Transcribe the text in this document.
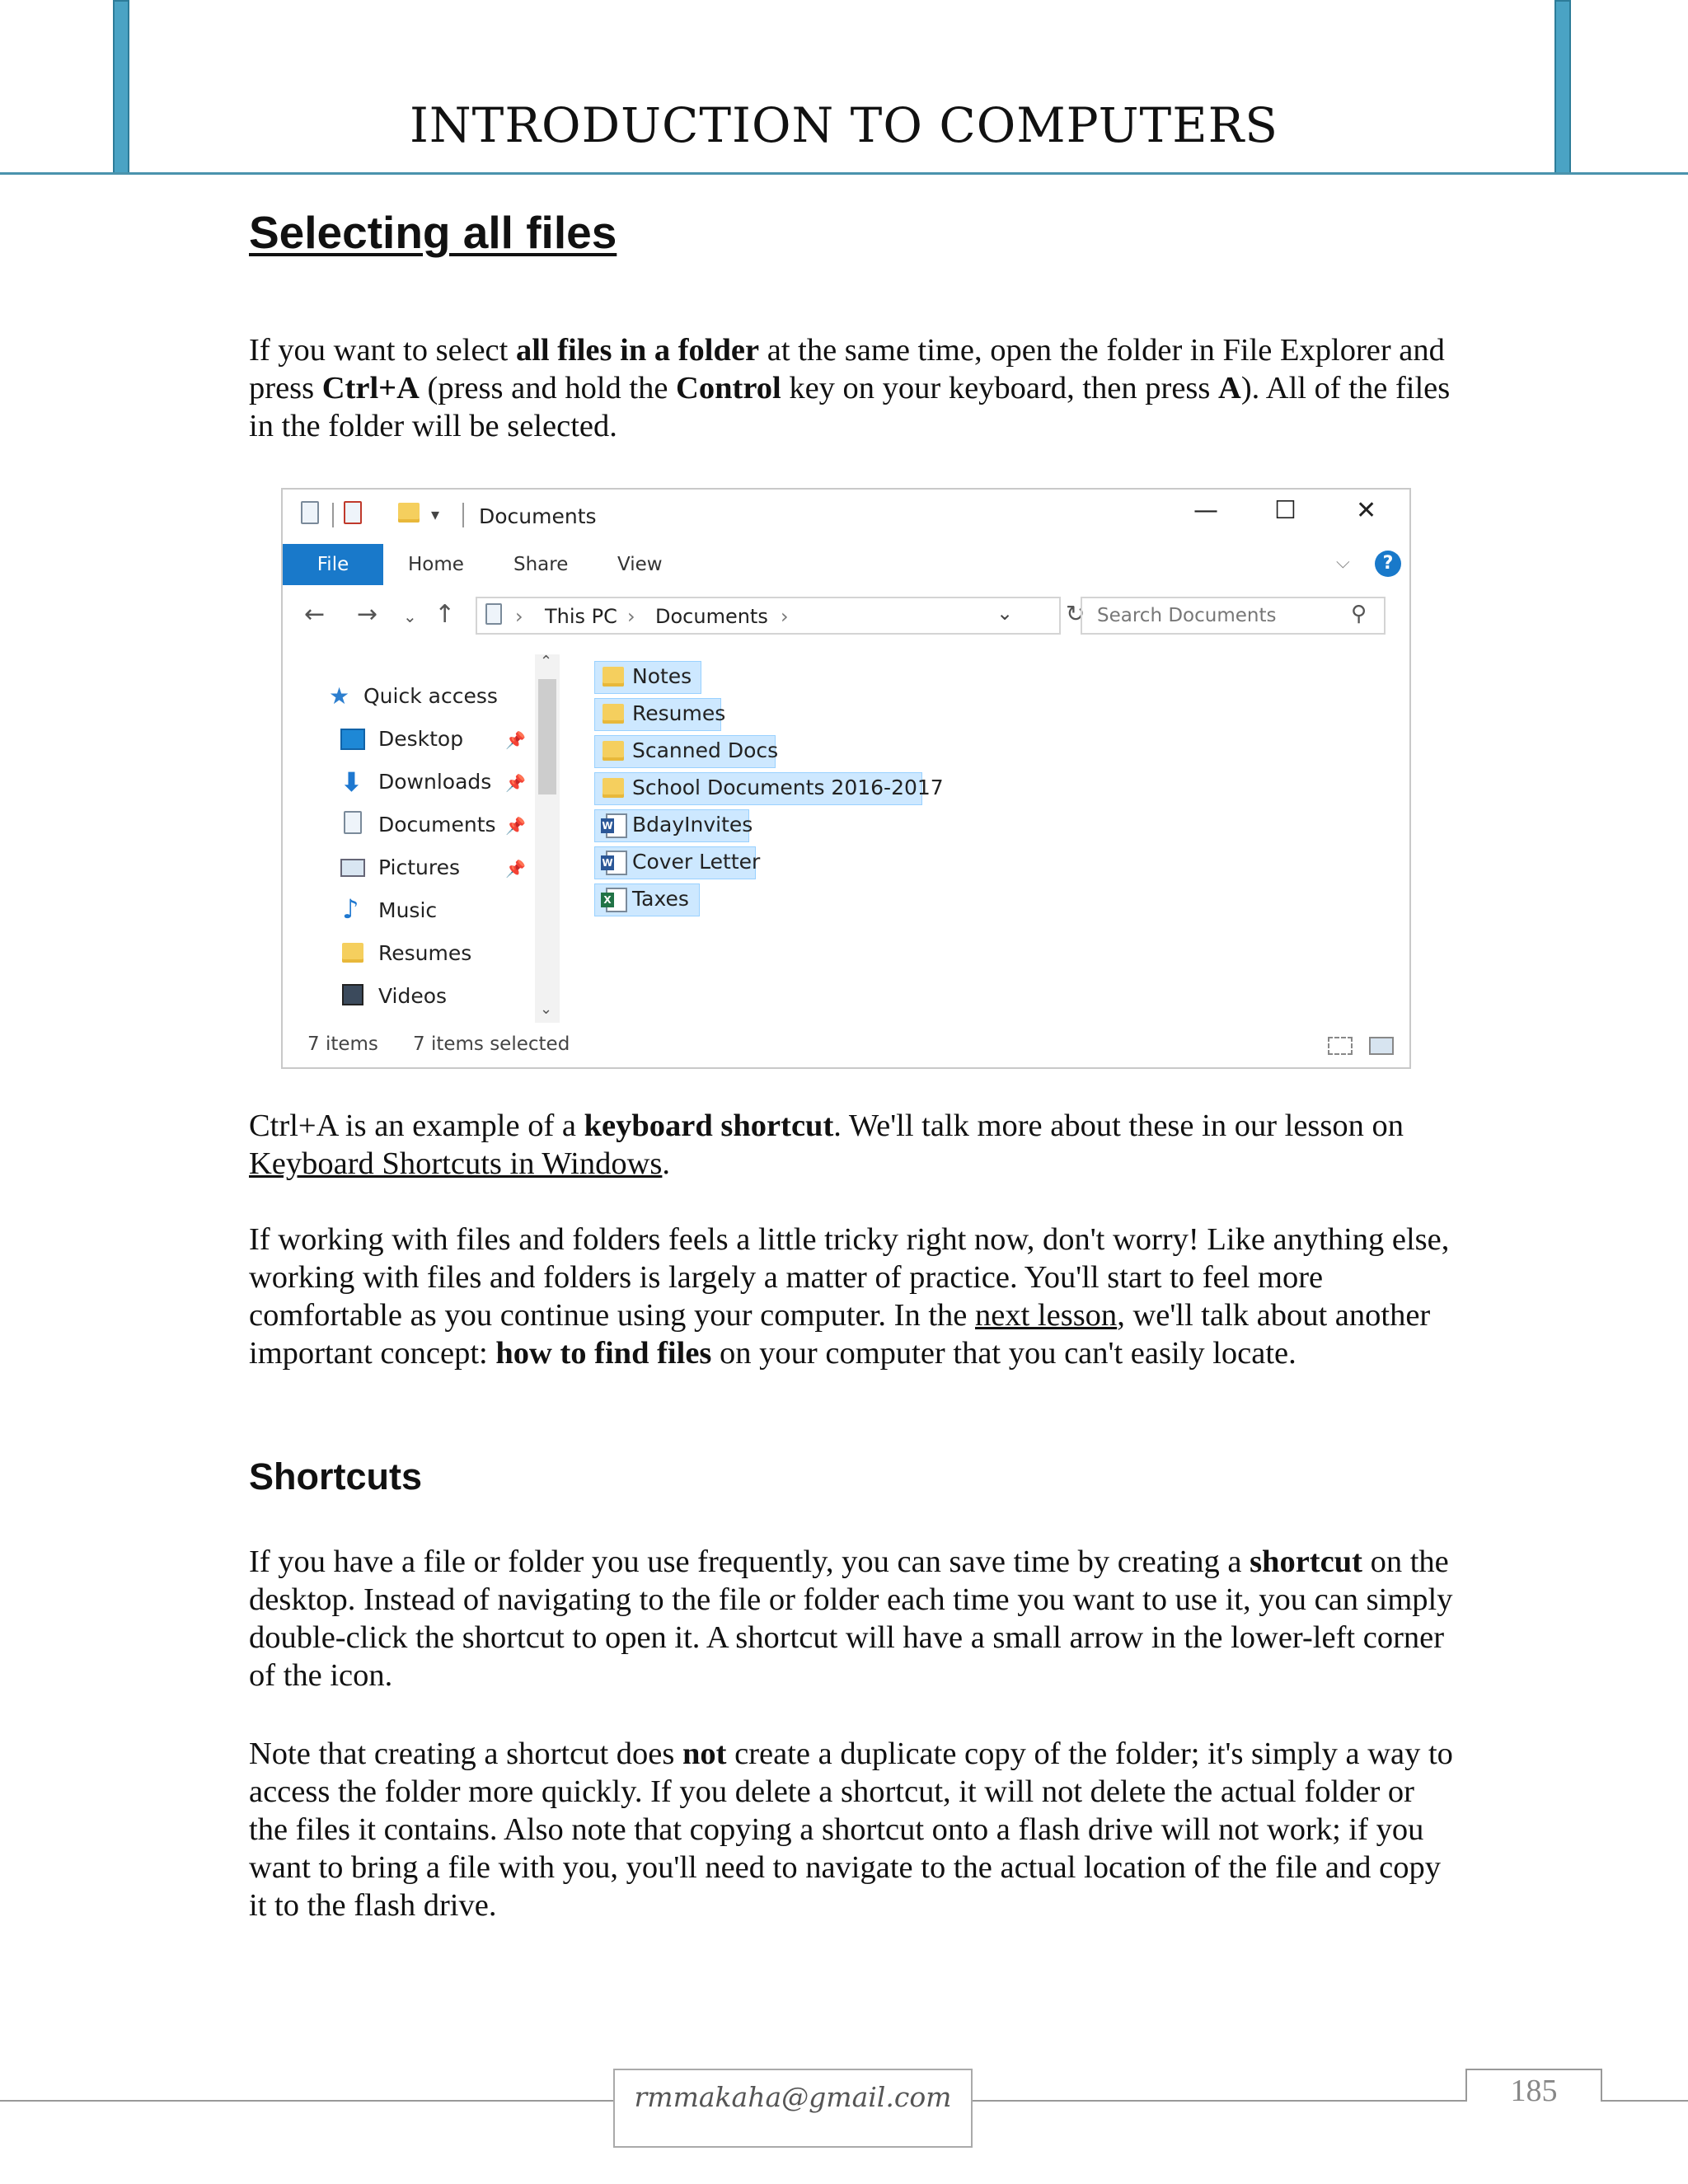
INTRODUCTION TO COMPUTERS
Selecting all files

If you want to select all files in a folder at the same time, open the folder in File Explorer and press Ctrl+A (press and hold the Control key on your keyboard, then press A). All of the files in the folder will be selected.

▾ Documents	— ☐ ✕
File	Home	Share	View	⌵	?
← → ⌄ ↑	› This PC › Documents ›	⌄ ↻ Search Documents	⚲
★ Quick access
Desktop	📌
⬇ Downloads 📌
Documents 📌
Pictures	📌
♪ Music
Resumes
Videos
⌃
⌄
Notes
Resumes
Scanned Docs
School Documents 2016-2017
W BdayInvites
W Cover Letter
X Taxes
7 items 7 items selected

Ctrl+A is an example of a keyboard shortcut. We'll talk more about these in our lesson on Keyboard Shortcuts in Windows.

If working with files and folders feels a little tricky right now, don't worry! Like anything else, working with files and folders is largely a matter of practice. You'll start to feel more comfortable as you continue using your computer. In the next lesson, we'll talk about another important concept: how to find files on your computer that you can't easily locate.

Shortcuts

If you have a file or folder you use frequently, you can save time by creating a shortcut on the desktop. Instead of navigating to the file or folder each time you want to use it, you can simply double-click the shortcut to open it. A shortcut will have a small arrow in the lower-left corner of the icon.

Note that creating a shortcut does not create a duplicate copy of the folder; it's simply a way to access the folder more quickly. If you delete a shortcut, it will not delete the actual folder or the files it contains. Also note that copying a shortcut onto a flash drive will not work; if you want to bring a file with you, you'll need to navigate to the actual location of the file and copy it to the flash drive.

rmmakaha@gmail.com	185
